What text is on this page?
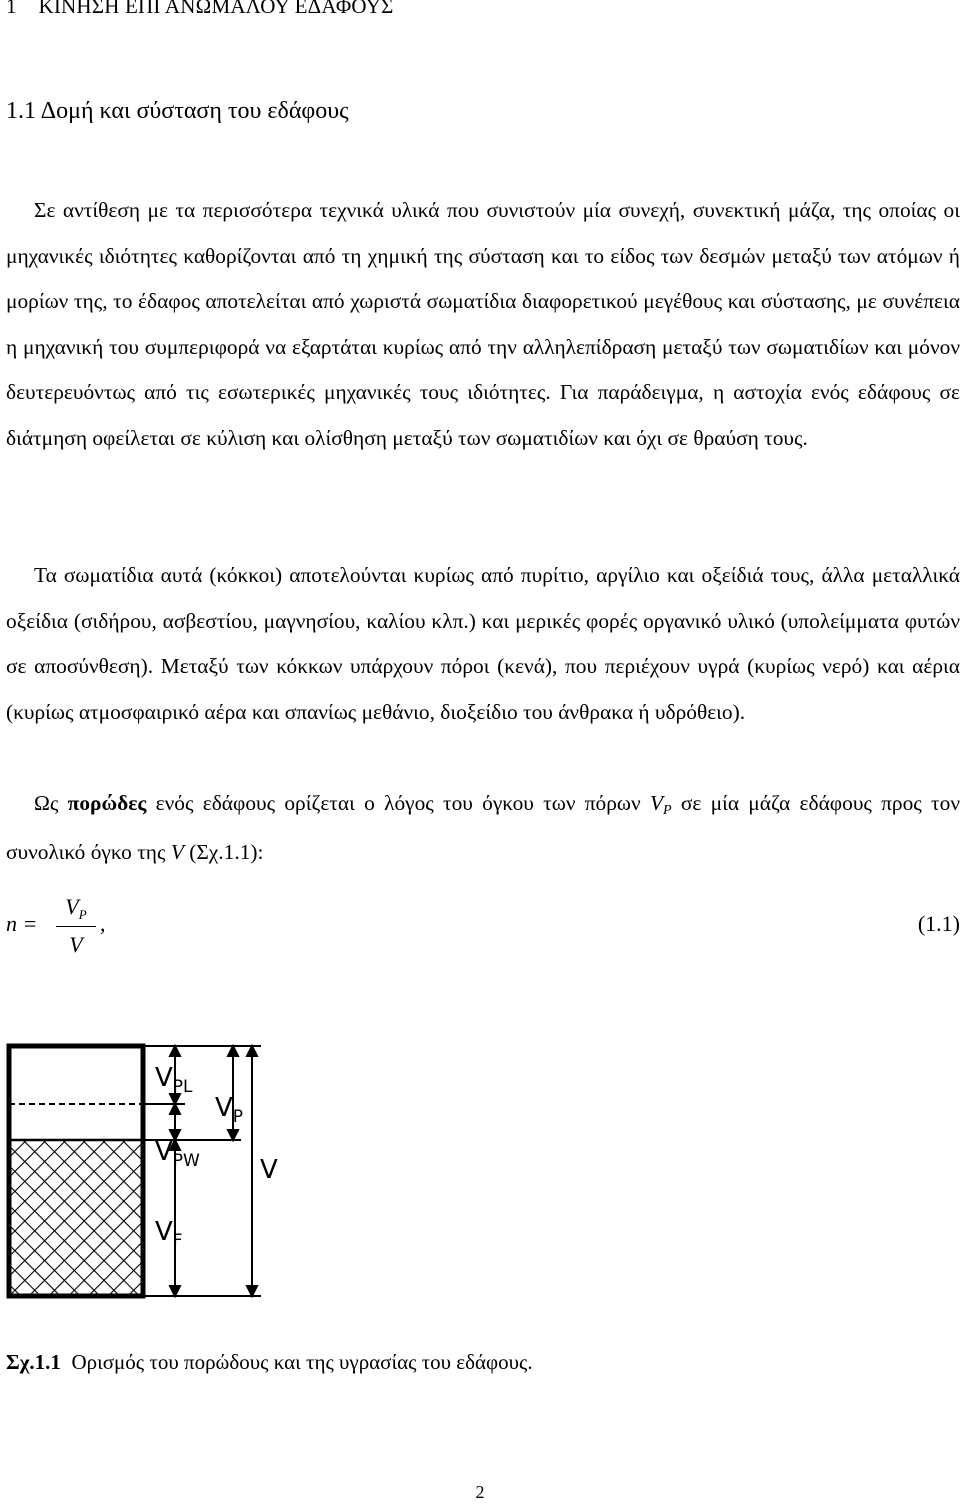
1    ΚΙΝΗΣΗ ΕΠΙ ΑΝΩΜΑΛΟΥ ΕΔΑΦΟΥΣ
1.1 Δομή και σύσταση του εδάφους

Σε αντίθεση με τα περισσότερα τεχνικά υλικά που συνιστούν μία συνεχή, συνεκτική μάζα, της οποίας οι μηχανικές ιδιότητες καθορίζονται από τη χημική της σύσταση και το είδος των δεσμών μεταξύ των ατόμων ή μορίων της, το έδαφος αποτελείται από χωριστά σωματίδια διαφορετικού μεγέθους και σύστασης, με συνέπεια η μηχανική του συμπεριφορά να εξαρτάται κυρίως από την αλληλεπίδραση μεταξύ των σωματιδίων και μόνον δευτερευόντως από τις εσωτερικές μηχανικές τους ιδιότητες. Για παράδειγμα, η αστοχία ενός εδάφους σε διάτμηση οφείλεται σε κύλιση και ολίσθηση μεταξύ των σωματιδίων και όχι σε θραύση τους.

Τα σωματίδια αυτά (κόκκοι) αποτελούνται κυρίως από πυρίτιο, αργίλιο και οξείδιά τους, άλλα μεταλλικά οξείδια (σιδήρου, ασβεστίου, μαγνησίου, καλίου κλπ.) και μερικές φορές οργανικό υλικό (υπολείμματα φυτών σε αποσύνθεση). Μεταξύ των κόκκων υπάρχουν πόροι (κενά), που περιέχουν υγρά (κυρίως νερό) και αέρια (κυρίως ατμοσφαιρικό αέρα και σπανίως μεθάνιο, διοξείδιο του άνθρακα ή υδρόθειο).

Ως πορώδες ενός εδάφους ορίζεται ο λόγος του όγκου των πόρων VP σε μία μάζα εδάφους προς τον συνολικό όγκο της V (Σχ.1.1):

n =
$V_P$
V
,	(1.1)
$V_{PL}$
$V_P$
$V_{PW}$ V
$V_F$
Σχ.1.1 Ορισμός του πορώδους και της υγρασίας του εδάφους.
2
